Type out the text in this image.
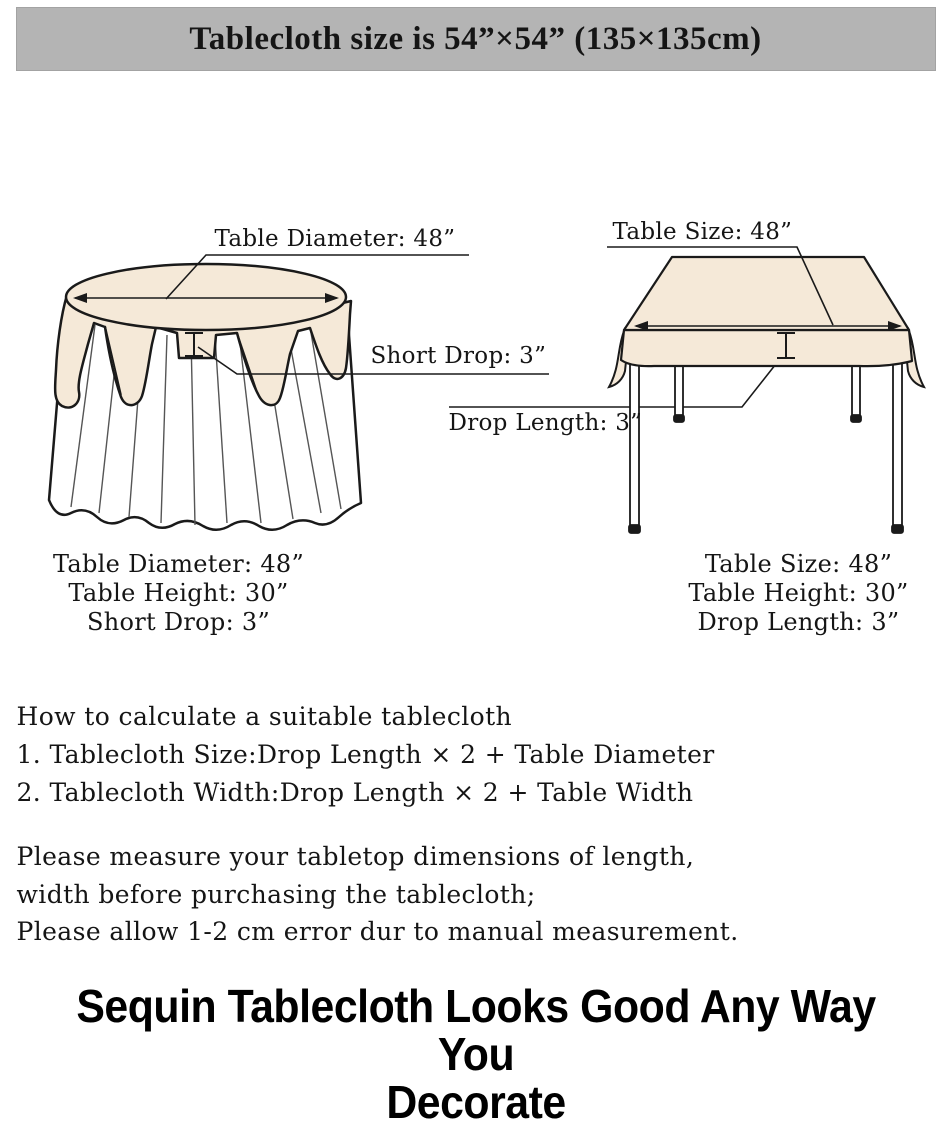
Tablecloth size is 54”×54” (135×135cm)
Table Diameter: 48”	Table Size: 48”
Short Drop: 3”
Drop Length: 3”
Table Diameter: 48”
Table Height: 30”
Short Drop: 3”
Table Size: 48”
Table Height: 30”
Drop Length: 3”
How to calculate a suitable tablecloth
1. Tablecloth Size:Drop Length × 2 + Table Diameter
2. Tablecloth Width:Drop Length × 2 + Table Width
Please measure your tabletop dimensions of length,
width before purchasing the tablecloth;
Please allow 1-2 cm error dur to manual measurement.
Sequin Tablecloth Looks Good Any Way You
Decorate
